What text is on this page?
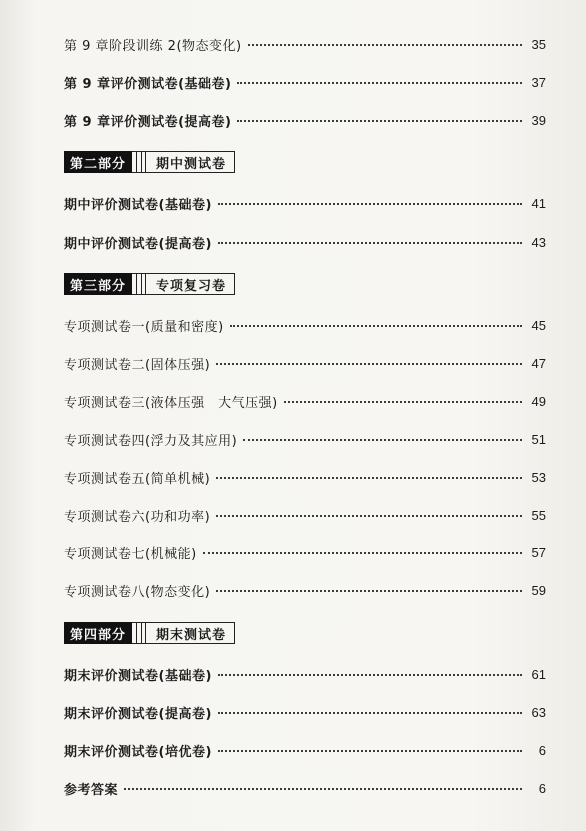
第 9 章阶段训练 2(物态变化)	35
第 9 章评价测试卷(基础卷)	37
第 9 章评价测试卷(提高卷)	39
第二部分	期中测试卷
期中评价测试卷(基础卷)	41
期中评价测试卷(提高卷)	43
第三部分	专项复习卷
专项测试卷一(质量和密度)	45
专项测试卷二(固体压强)	47
专项测试卷三(液体压强　大气压强)	49
专项测试卷四(浮力及其应用)	51
专项测试卷五(简单机械)	53
专项测试卷六(功和功率)	55
专项测试卷七(机械能)	57
专项测试卷八(物态变化)	59
第四部分	期末测试卷
期末评价测试卷(基础卷)	61
期末评价测试卷(提高卷)	63
期末评价测试卷(培优卷)	6
参考答案	6
